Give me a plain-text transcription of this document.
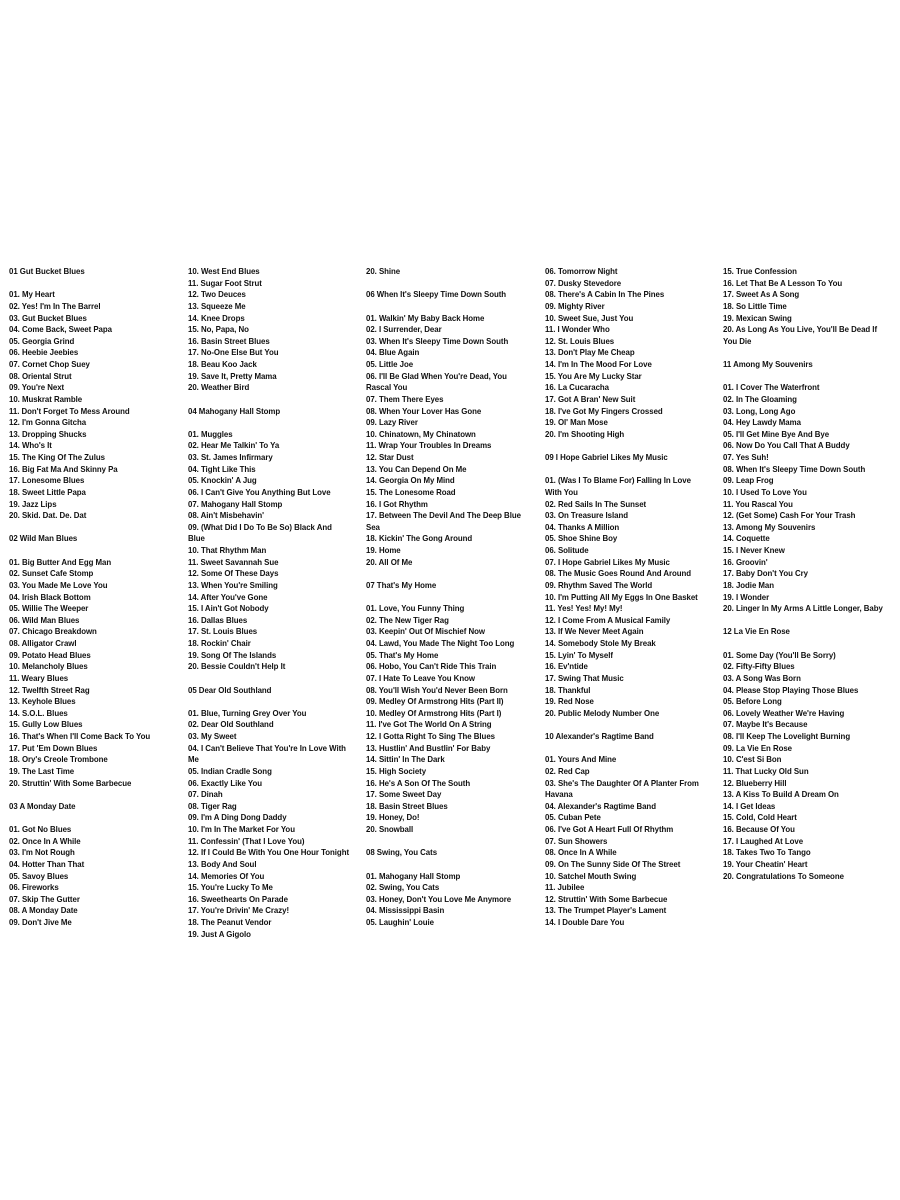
01 Gut Bucket Blues
01. My Heart
02. Yes! I'm In The Barrel
03. Gut Bucket Blues
04. Come Back, Sweet Papa
05. Georgia Grind
06. Heebie Jeebies
07. Cornet Chop Suey
08. Oriental Strut
09. You're Next
10. Muskrat Ramble
11. Don't Forget To Mess Around
12. I'm Gonna Gitcha
13. Dropping Shucks
14. Who's It
15. The King Of The Zulus
16. Big Fat Ma And Skinny Pa
17. Lonesome Blues
18. Sweet Little Papa
19. Jazz Lips
20. Skid. Dat. De. Dat
02 Wild Man Blues
01. Big Butter And Egg Man
02. Sunset Cafe Stomp
03. You Made Me Love You
04. Irish Black Bottom
05. Willie The Weeper
06. Wild Man Blues
07. Chicago Breakdown
08. Alligator Crawl
09. Potato Head Blues
10. Melancholy Blues
11. Weary Blues
12. Twelfth Street Rag
13. Keyhole Blues
14. S.O.L. Blues
15. Gully Low Blues
16. That's When I'll Come Back To You
17. Put 'Em Down Blues
18. Ory's Creole Trombone
19. The Last Time
20. Struttin' With Some Barbecue
03 A Monday Date
01. Got No Blues
02. Once In A While
03. I'm Not Rough
04. Hotter Than That
05. Savoy Blues
06. Fireworks
07. Skip The Gutter
08. A Monday Date
09. Don't Jive Me
10. West End Blues
11. Sugar Foot Strut
12. Two Deuces
13. Squeeze Me
14. Knee Drops
15. No, Papa, No
16. Basin Street Blues
17. No-One Else But You
18. Beau Koo Jack
19. Save It, Pretty Mama
20. Weather Bird
04 Mahogany Hall Stomp
01. Muggles
02. Hear Me Talkin' To Ya
03. St. James Infirmary
04. Tight Like This
05. Knockin' A Jug
06. I Can't Give You Anything But Love
07. Mahogany Hall Stomp
08. Ain't Misbehavin'
09. (What Did I Do To Be So) Black And Blue
10. That Rhythm Man
11. Sweet Savannah Sue
12. Some Of These Days
13. When You're Smiling
14. After You've Gone
15. I Ain't Got Nobody
16. Dallas Blues
17. St. Louis Blues
18. Rockin' Chair
19. Song Of The Islands
20. Bessie Couldn't Help It
05 Dear Old Southland
01. Blue, Turning Grey Over You
02. Dear Old Southland
03. My Sweet
04. I Can't Believe That You're In Love With Me
05. Indian Cradle Song
06. Exactly Like You
07. Dinah
08. Tiger Rag
09. I'm A Ding Dong Daddy
10. I'm In The Market For You
11. Confessin' (That I Love You)
12. If I Could Be With You One Hour Tonight
13. Body And Soul
14. Memories Of You
15. You're Lucky To Me
16. Sweethearts On Parade
17. You're Drivin' Me Crazy!
18. The Peanut Vendor
19. Just A Gigolo
20. Shine
06 When It's Sleepy Time Down South
01. Walkin' My Baby Back Home
02. I Surrender, Dear
03. When It's Sleepy Time Down South
04. Blue Again
05. Little Joe
06. I'll Be Glad When You're Dead, You Rascal You
07. Them There Eyes
08. When Your Lover Has Gone
09. Lazy River
10. Chinatown, My Chinatown
11. Wrap Your Troubles In Dreams
12. Star Dust
13. You Can Depend On Me
14. Georgia On My Mind
15. The Lonesome Road
16. I Got Rhythm
17. Between The Devil And The Deep Blue Sea
18. Kickin' The Gong Around
19. Home
20. All Of Me
07 That's My Home
01. Love, You Funny Thing
02. The New Tiger Rag
03. Keepin' Out Of Mischief Now
04. Lawd, You Made The Night Too Long
05. That's My Home
06. Hobo, You Can't Ride This Train
07. I Hate To Leave You Know
08. You'll Wish You'd Never Been Born
09. Medley Of Armstrong Hits (Part II)
10. Medley Of Armstrong Hits (Part I)
11. I've Got The World On A String
12. I Gotta Right To Sing The Blues
13. Hustlin' And Bustlin' For Baby
14. Sittin' In The Dark
15. High Society
16. He's A Son Of The South
17. Some Sweet Day
18. Basin Street Blues
19. Honey, Do!
20. Snowball
08 Swing, You Cats
01. Mahogany Hall Stomp
02. Swing, You Cats
03. Honey, Don't You Love Me Anymore
04. Mississippi Basin
05. Laughin' Louie
06. Tomorrow Night
07. Dusky Stevedore
08. There's A Cabin In The Pines
09. Mighty River
10. Sweet Sue, Just You
11. I Wonder Who
12. St. Louis Blues
13. Don't Play Me Cheap
14. I'm In The Mood For Love
15. You Are My Lucky Star
16. La Cucaracha
17. Got A Bran' New Suit
18. I've Got My Fingers Crossed
19. Ol' Man Mose
20. I'm Shooting High
09 I Hope Gabriel Likes My Music
01. (Was I To Blame For) Falling In Love With You
02. Red Sails In The Sunset
03. On Treasure Island
04. Thanks A Million
05. Shoe Shine Boy
06. Solitude
07. I Hope Gabriel Likes My Music
08. The Music Goes Round And Around
09. Rhythm Saved The World
10. I'm Putting All My Eggs In One Basket
11. Yes! Yes! My! My!
12. I Come From A Musical Family
13. If We Never Meet Again
14. Somebody Stole My Break
15. Lyin' To Myself
16. Ev'ntide
17. Swing That Music
18. Thankful
19. Red Nose
20. Public Melody Number One
10 Alexander's Ragtime Band
01. Yours And Mine
02. Red Cap
03. She's The Daughter Of A Planter From Havana
04. Alexander's Ragtime Band
05. Cuban Pete
06. I've Got A Heart Full Of Rhythm
07. Sun Showers
08. Once In A While
09. On The Sunny Side Of The Street
10. Satchel Mouth Swing
11. Jubilee
12. Struttin' With Some Barbecue
13. The Trumpet Player's Lament
14. I Double Dare You
15. True Confession
16. Let That Be A Lesson To You
17. Sweet As A Song
18. So Little Time
19. Mexican Swing
20. As Long As You Live, You'll Be Dead If You Die
11 Among My Souvenirs
01. I Cover The Waterfront
02. In The Gloaming
03. Long, Long Ago
04. Hey Lawdy Mama
05. I'll Get Mine Bye And Bye
06. Now Do You Call That A Buddy
07. Yes Suh!
08. When It's Sleepy Time Down South
09. Leap Frog
10. I Used To Love You
11. You Rascal You
12. (Get Some) Cash For Your Trash
13. Among My Souvenirs
14. Coquette
15. I Never Knew
16. Groovin'
17. Baby Don't You Cry
18. Jodie Man
19. I Wonder
20. Linger In My Arms A Little Longer, Baby
12 La Vie En Rose
01. Some Day (You'll Be Sorry)
02. Fifty-Fifty Blues
03. A Song Was Born
04. Please Stop Playing Those Blues
05. Before Long
06. Lovely Weather We're Having
07. Maybe It's Because
08. I'll Keep The Lovelight Burning
09. La Vie En Rose
10. C'est Si Bon
11. That Lucky Old Sun
12. Blueberry Hill
13. A Kiss To Build A Dream On
14. I Get Ideas
15. Cold, Cold Heart
16. Because Of You
17. I Laughed At Love
18. Takes Two To Tango
19. Your Cheatin' Heart
20. Congratulations To Someone
